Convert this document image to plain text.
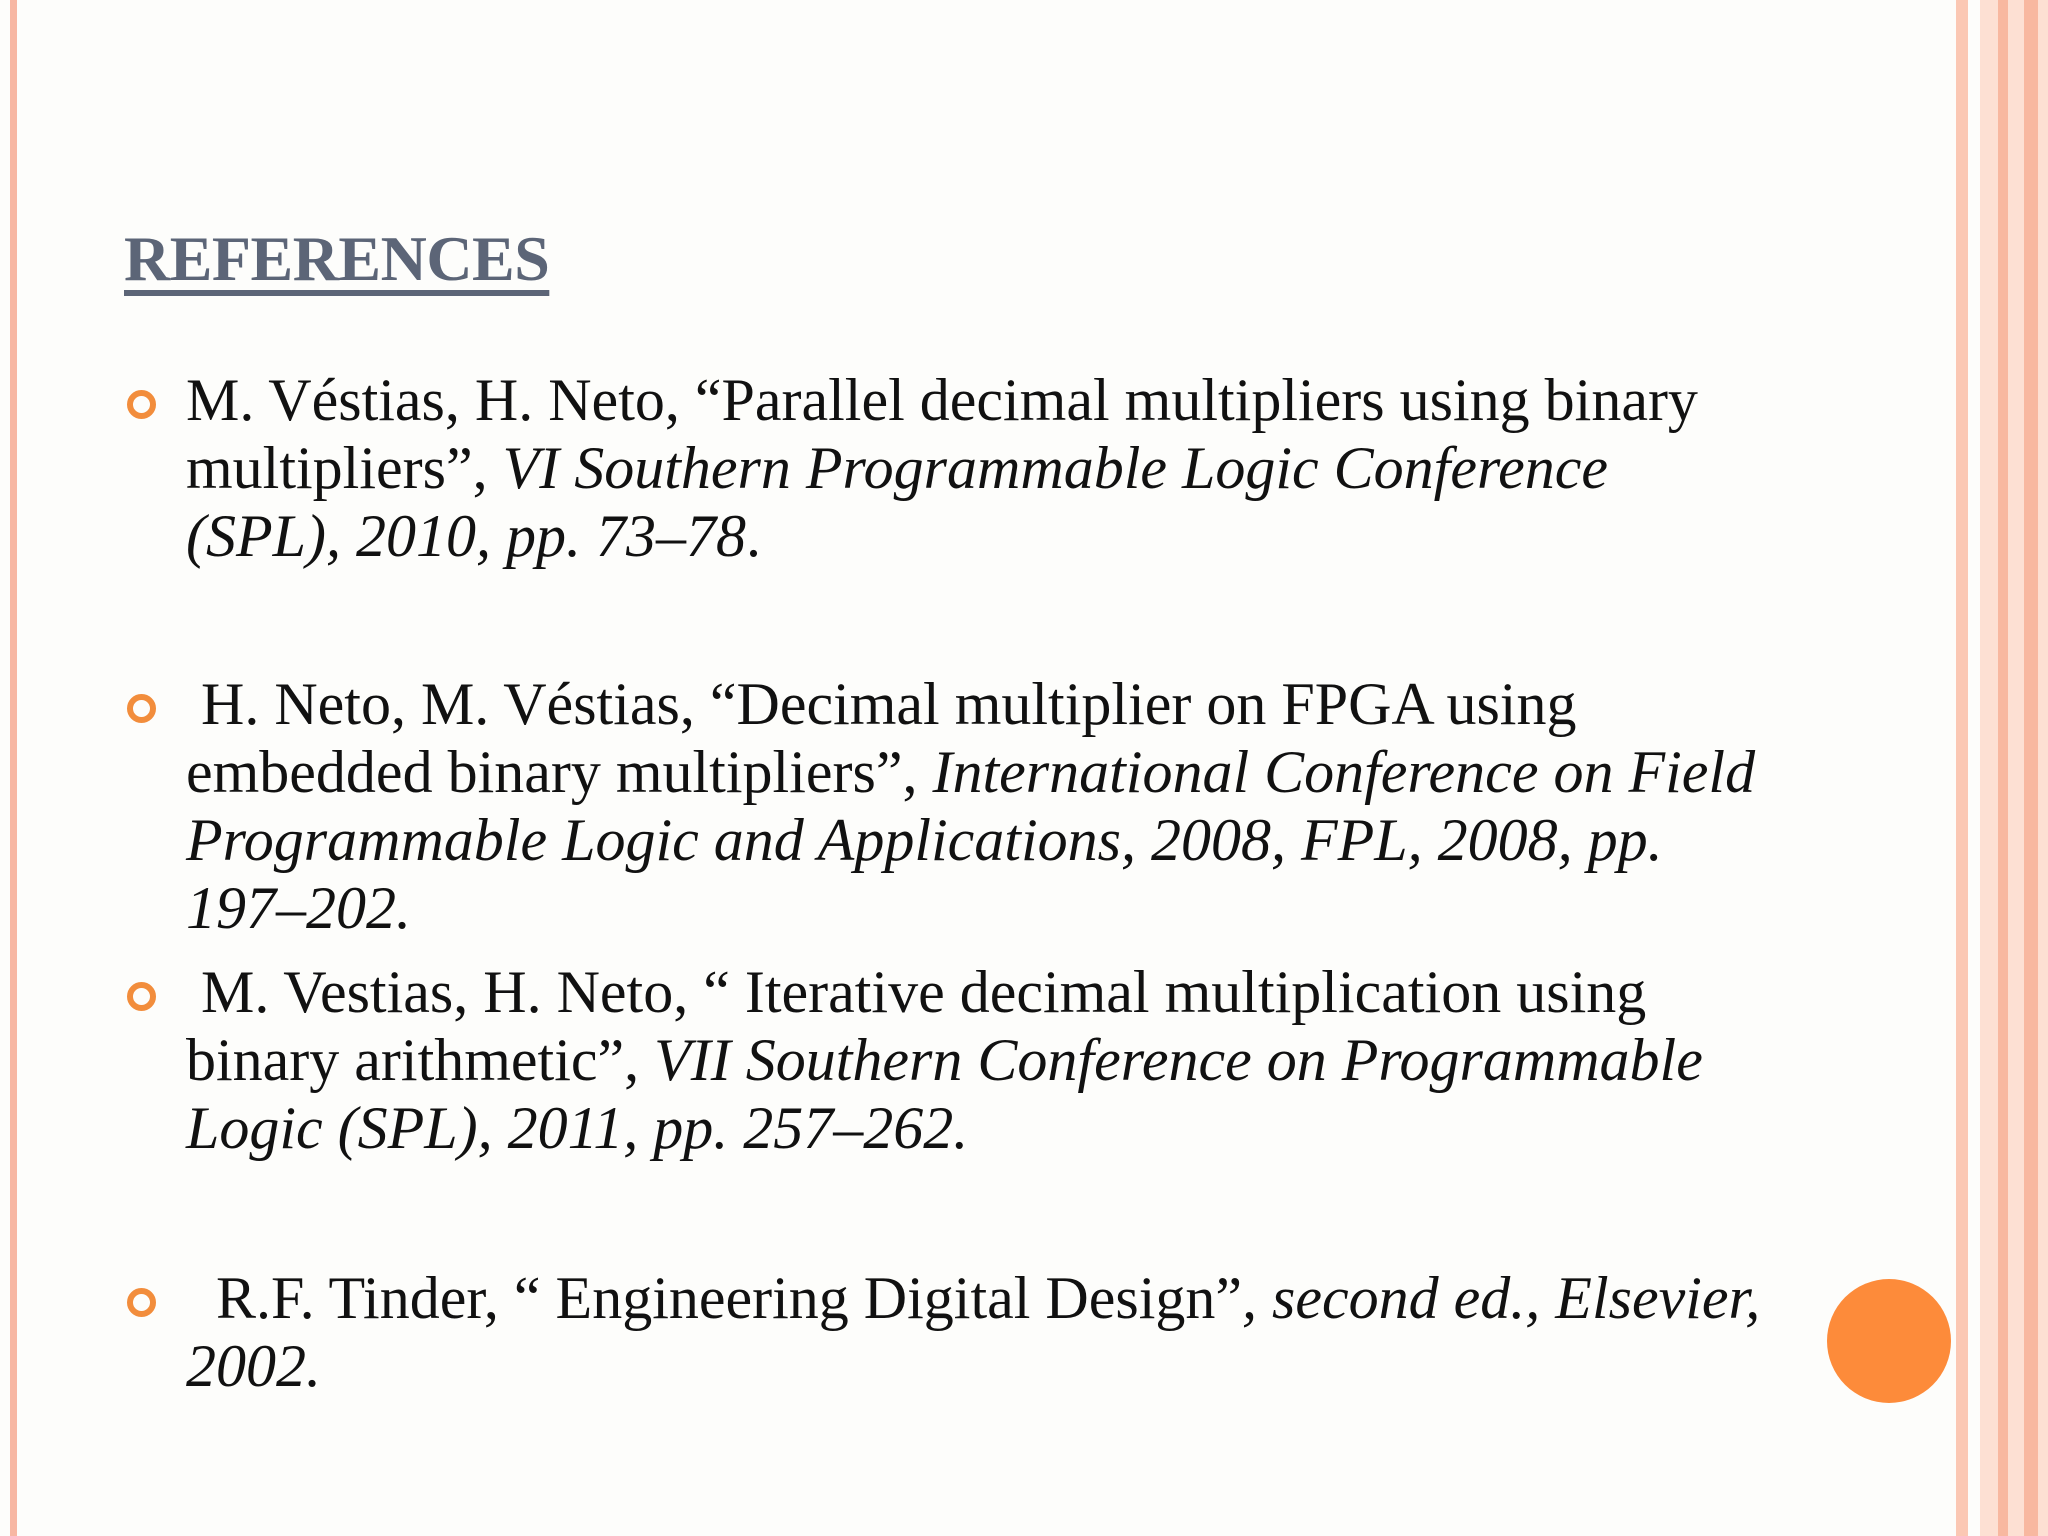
REFERENCES
M. Véstias, H. Neto, “Parallel decimal multipliers using binary multipliers”, VI Southern Programmable Logic Conference (SPL), 2010, pp. 73–78.
H. Neto, M. Véstias, “Decimal multiplier on FPGA using embedded binary multipliers”, International Conference on Field Programmable Logic and Applications, 2008, FPL, 2008, pp. 197–202.
M. Vestias, H. Neto, “ Iterative decimal multiplication using binary arithmetic”, VII Southern Conference on Programmable Logic (SPL), 2011, pp. 257–262.
R.F. Tinder, “ Engineering Digital Design”, second ed., Elsevier, 2002.
